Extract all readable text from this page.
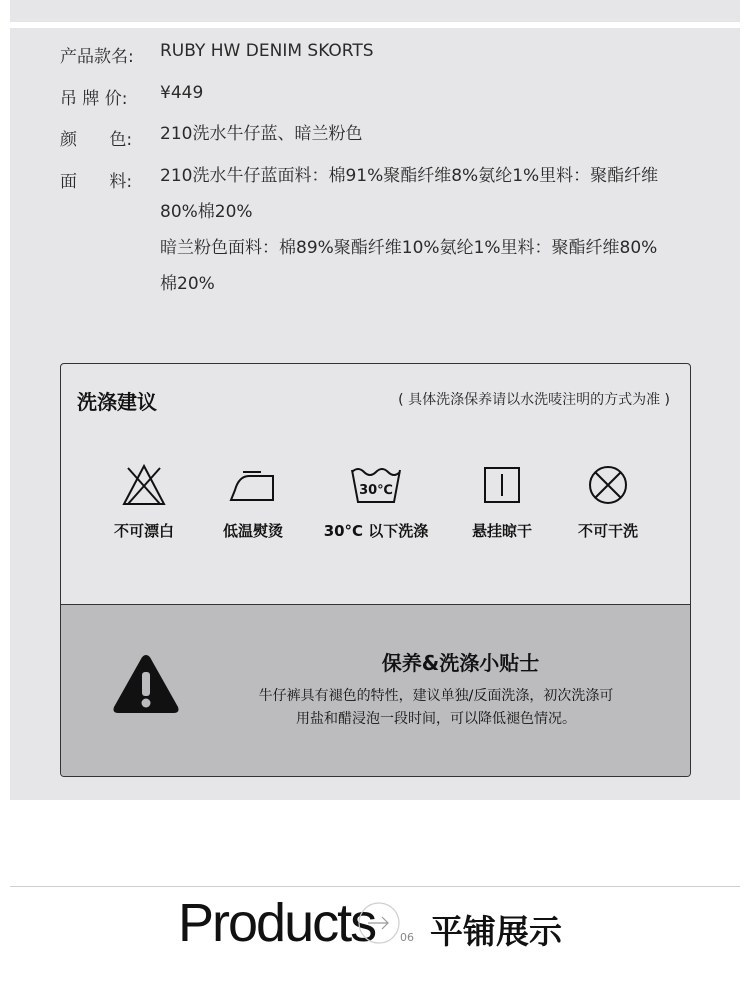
产品款名:	RUBY HW DENIM SKORTS
吊 牌 价:	¥449
颜      色:	210洗水牛仔蓝、暗兰粉色
面      料:	210洗水牛仔蓝面料：棉91%聚酯纤维8%氨纶1%里料：聚酯纤维
80%棉20%
暗兰粉色面料：棉89%聚酯纤维10%氨纶1%里料：聚酯纤维80%
棉20%
洗涤建议	( 具体洗涤保养请以水洗唛注明的方式为准 )
不可漂白	低温熨烫
30℃
30°C 以下洗涤	悬挂晾干	不可干洗
保养&洗涤小贴士
牛仔裤具有褪色的特性，建议单独/反面洗涤，初次洗涤可
用盐和醋浸泡一段时间，可以降低褪色情况。
Products 06 平铺展示
